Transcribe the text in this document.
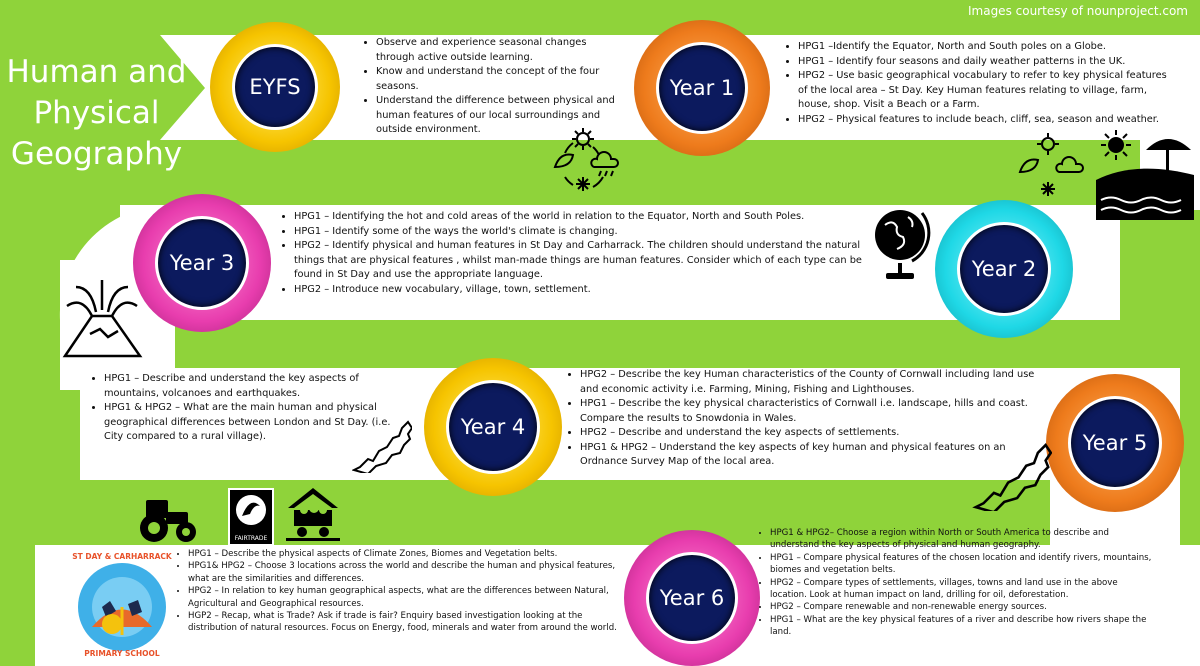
Human and Physical Geography
Images courtesy of nounproject.com
EYFS	Year 1
Year 3	Year 2
Year 4
Year 5
Year 6
• Observe and experience seasonal changes through active outside learning.
• Know and understand the concept of the four seasons.
• Understand the difference between physical and human features of our local surroundings and outside environment.
• HPG1 –Identify the Equator, North and South poles on a Globe.
• HPG1 – Identify four seasons and daily weather patterns in the UK.
• HPG2 – Use basic geographical vocabulary to refer to key physical features of the local area – St Day. Key Human features relating to village, farm, house, shop. Visit a Beach or a Farm.
• HPG2 – Physical features to include beach, cliff, sea, season and weather.
• HPG1 – Identifying the hot and cold areas of the world in relation to the Equator, North and South Poles.
• HPG1 – Identify some of the ways the world's climate is changing.
• HPG2 – Identify physical and human features in St Day and Carharrack. The children should understand the natural things that are physical features , whilst man-made things are human features. Consider which of each type can be found in St Day and use the appropriate language.
• HPG2 – Introduce new vocabulary, village, town, settlement.
• HPG1 – Describe and understand the key aspects of mountains, volcanoes and earthquakes.
• HPG1 & HPG2 – What are the main human and physical geographical differences between London and St Day. (i.e. City compared to a rural village).
• HPG2 – Describe the key Human characteristics of the County of Cornwall including land use and economic activity i.e. Farming, Mining, Fishing and Lighthouses.
• HPG1 – Describe the key physical characteristics of Cornwall i.e. landscape, hills and coast. Compare the results to Snowdonia in Wales.
• HPG2 – Describe and understand the key aspects of settlements.
• HPG1 & HPG2 – Understand the key aspects of key human and physical features on an Ordnance Survey Map of the local area.
• HPG1 – Describe the physical aspects of Climate Zones, Biomes and Vegetation belts.
• HPG1& HPG2 – Choose 3 locations across the world and describe the human and physical features, what are the similarities and differences.
• HPG2 – In relation to key human geographical aspects, what are the differences between Natural, Agricultural and Geographical resources.
• HGP2 – Recap, what is Trade? Ask if trade is fair? Enquiry based investigation looking at the distribution of natural resources. Focus on Energy, food, minerals and water from around the world.
• HPG1 & HPG2– Choose a region within North or South America to describe and understand the key aspects of physical and human geography.
• HPG1 – Compare physical features of the chosen location and identify rivers, mountains, biomes and vegetation belts.
• HPG2 – Compare types of settlements, villages, towns and land use in the above location. Look at human impact on land, drilling for oil, deforestation.
• HPG2 – Compare renewable and non-renewable energy sources.
• HPG1 – What are the key physical features of a river and describe how rivers shape the land.
FAIRTRADE
ST DAY & CARHARRACK
PRIMARY SCHOOL
